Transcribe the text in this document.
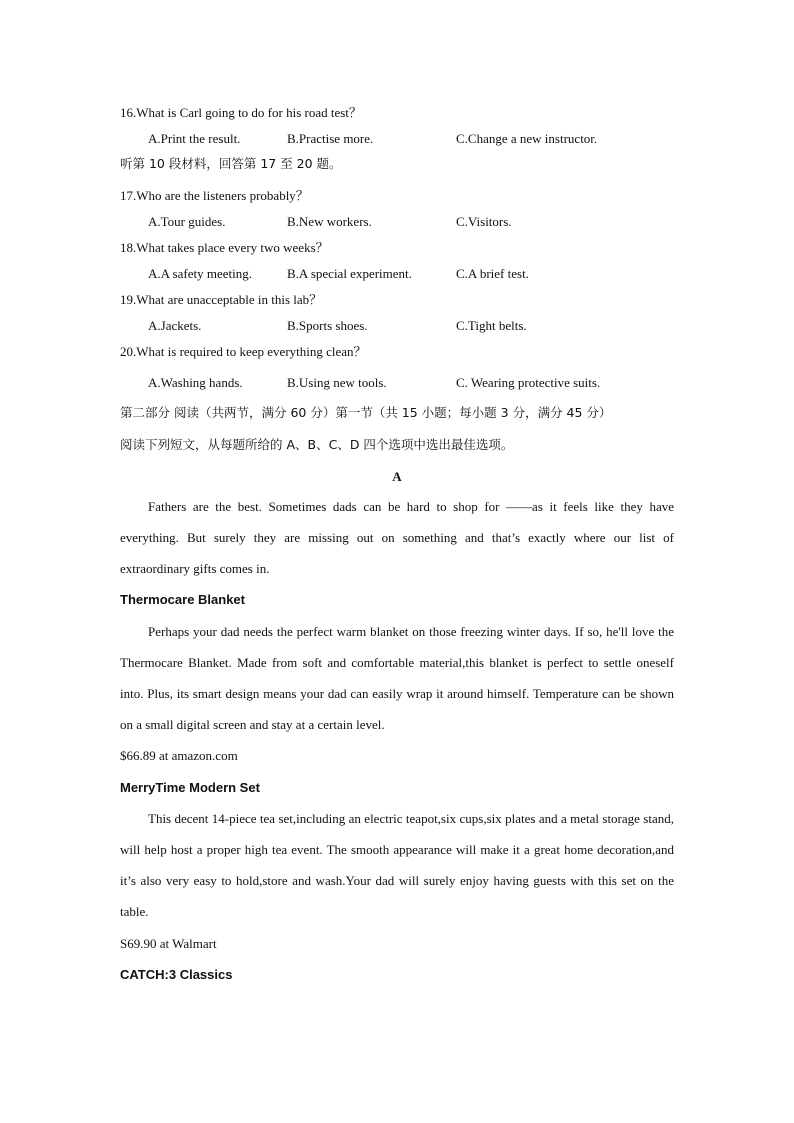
16.What is Carl going to do for his road test？
A.Print the result.	B.Practise more.	C.Change a new instructor.
听第 10 段材料，回答第 17 至 20 题。
17.Who are the listeners probably？
A.Tour guides.	B.New workers.	C.Visitors.
18.What takes place every two weeks？
A.A safety meeting.	B.A special experiment.	C.A brief test.
19.What are unacceptable in this lab？
A.Jackets.	B.Sports shoes.	C.Tight belts.
20.What is required to keep everything clean？
A.Washing hands.	B.Using new tools.	C. Wearing protective suits.
第二部分 阅读（共两节，满分 60 分）第一节（共 15 小题；每小题 3 分，满分 45 分）
阅读下列短文，从每题所给的 A、B、C、D 四个选项中选出最佳选项。
A

Fathers are the best. Sometimes dads can be hard to shop for ——as it feels like they have everything. But surely they are missing out on something and that’s exactly where our list of extraordinary gifts comes in.

Thermocare Blanket

Perhaps your dad needs the perfect warm blanket on those freezing winter days. If so, he'll love the Thermocare Blanket. Made from soft and comfortable material,this blanket is perfect to settle oneself into. Plus, its smart design means your dad can easily wrap it around himself. Temperature can be shown on a small digital screen and stay at a certain level.

$66.89 at amazon.com
MerryTime Modern Set

This decent 14-piece tea set,including an electric teapot,six cups,six plates and a metal storage stand, will help host a proper high tea event. The smooth appearance will make it a great home decoration,and it’s also very easy to hold,store and wash.Your dad will surely enjoy having guests with this set on the table.

S69.90 at Walmart
CATCH:3 Classics
